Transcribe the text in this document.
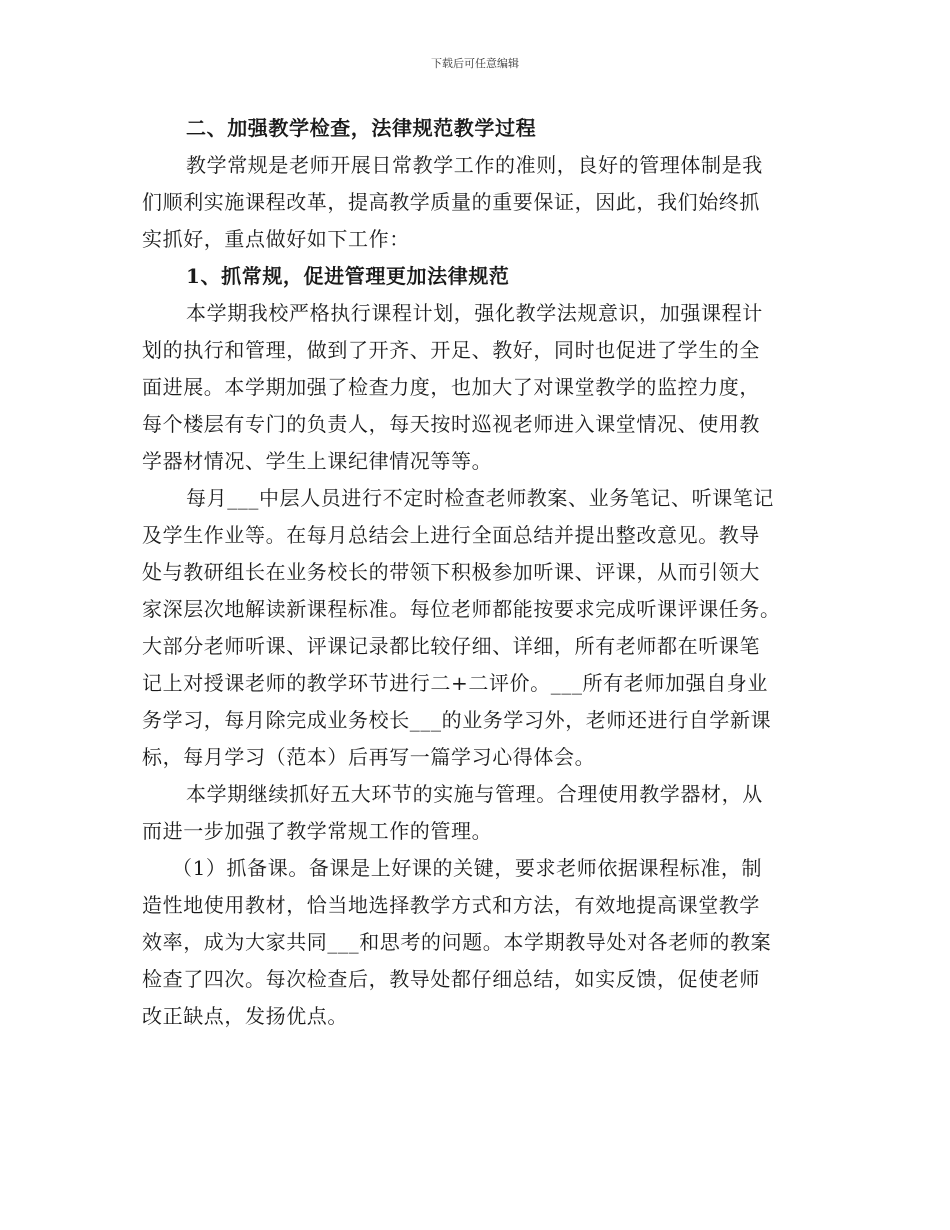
下载后可任意编辑

二、加强教学检查，法律规范教学过程

教学常规是老师开展日常教学工作的准则，良好的管理体制是我

们顺利实施课程改革，提高教学质量的重要保证，因此，我们始终抓

实抓好，重点做好如下工作：

1、抓常规，促进管理更加法律规范

本学期我校严格执行课程计划，强化教学法规意识，加强课程计

划的执行和管理，做到了开齐、开足、教好，同时也促进了学生的全

面进展。本学期加强了检查力度，也加大了对课堂教学的监控力度，

每个楼层有专门的负责人，每天按时巡视老师进入课堂情况、使用教

学器材情况、学生上课纪律情况等等。

每月___中层人员进行不定时检查老师教案、业务笔记、听课笔记

及学生作业等。在每月总结会上进行全面总结并提出整改意见。教导

处与教研组长在业务校长的带领下积极参加听课、评课，从而引领大

家深层次地解读新课程标准。每位老师都能按要求完成听课评课任务。

大部分老师听课、评课记录都比较仔细、详细，所有老师都在听课笔

记上对授课老师的教学环节进行二+二评价。___所有老师加强自身业

务学习，每月除完成业务校长___的业务学习外，老师还进行自学新课

标，每月学习（范本）后再写一篇学习心得体会。

本学期继续抓好五大环节的实施与管理。合理使用教学器材，从

而进一步加强了教学常规工作的管理。

（1）抓备课。备课是上好课的关键，要求老师依据课程标准，制

造性地使用教材，恰当地选择教学方式和方法，有效地提高课堂教学

效率，成为大家共同___和思考的问题。本学期教导处对各老师的教案

检查了四次。每次检查后，教导处都仔细总结，如实反馈，促使老师

改正缺点，发扬优点。
